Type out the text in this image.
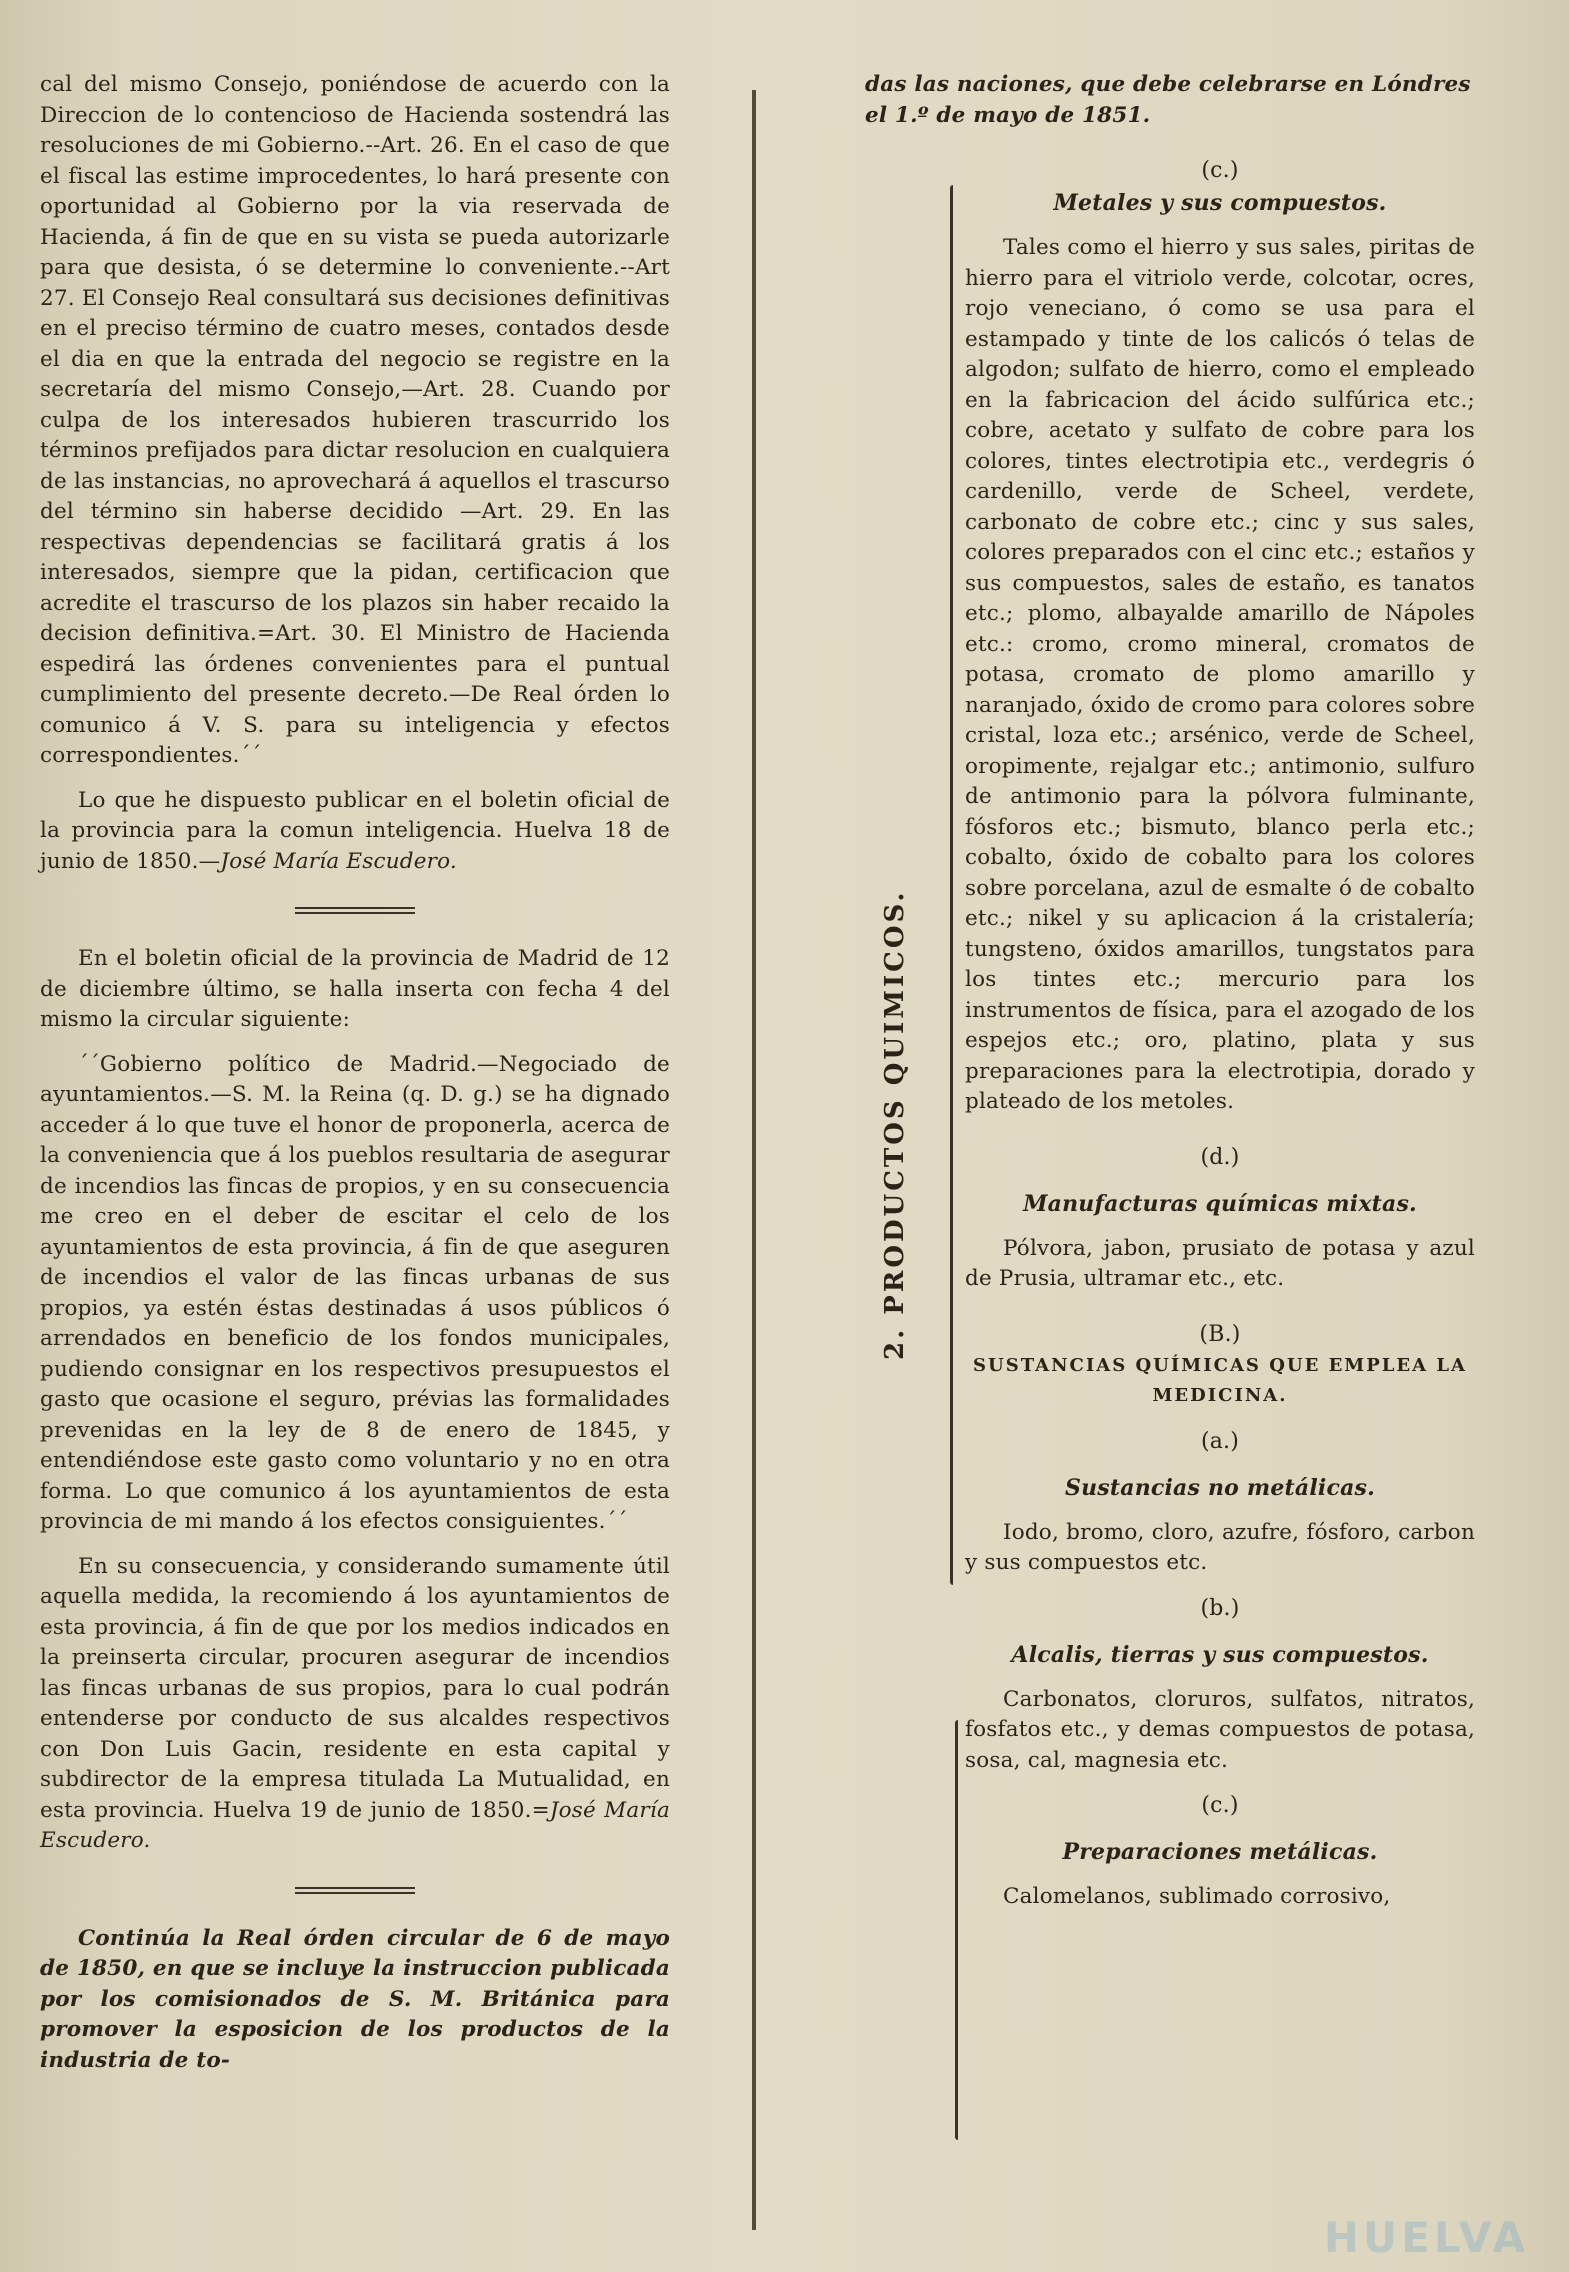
cal del mismo Consejo, poniéndose de acuerdo con la Direccion de lo contencioso de Hacienda sostendrá las resoluciones de mi Gobierno.--Art. 26. En el caso de que el fiscal las estime improcedentes, lo hará presente con oportunidad al Gobierno por la via reservada de Hacienda, á fin de que en su vista se pueda autorizarle para que desista, ó se determine lo conveniente.--Art 27. El Consejo Real consultará sus decisiones definitivas en el preciso término de cuatro meses, contados desde el dia en que la entrada del negocio se registre en la secretaría del mismo Consejo,—Art. 28. Cuando por culpa de los interesados hubieren trascurrido los términos prefijados para dictar resolucion en cualquiera de las instancias, no aprovechará á aquellos el trascurso del término sin haberse decidido —Art. 29. En las respectivas dependencias se facilitará gratis á los interesados, siempre que la pidan, certificacion que acredite el trascurso de los plazos sin haber recaido la decision definitiva.=Art. 30. El Ministro de Hacienda espedirá las órdenes convenientes para el puntual cumplimiento del presente decreto.—De Real órden lo comunico á V. S. para su inteligencia y efectos correspondientes.´´

Lo que he dispuesto publicar en el boletin oficial de la provincia para la comun inteligencia. Huelva 18 de junio de 1850.—José María Escudero.

En el boletin oficial de la provincia de Madrid de 12 de diciembre último, se halla inserta con fecha 4 del mismo la circular siguiente:

´´Gobierno político de Madrid.—Negociado de ayuntamientos.—S. M. la Reina (q. D. g.) se ha dignado acceder á lo que tuve el honor de proponerla, acerca de la conveniencia que á los pueblos resultaria de asegurar de incendios las fincas de propios, y en su consecuencia me creo en el deber de escitar el celo de los ayuntamientos de esta provincia, á fin de que aseguren de incendios el valor de las fincas urbanas de sus propios, ya estén éstas destinadas á usos públicos ó arrendados en beneficio de los fondos municipales, pudiendo consignar en los respectivos presupuestos el gasto que ocasione el seguro, prévias las formalidades prevenidas en la ley de 8 de enero de 1845, y entendiéndose este gasto como voluntario y no en otra forma. Lo que comunico á los ayuntamientos de esta provincia de mi mando á los efectos consiguientes.´´

En su consecuencia, y considerando sumamente útil aquella medida, la recomiendo á los ayuntamientos de esta provincia, á fin de que por los medios indicados en la preinserta circular, procuren asegurar de incendios las fincas urbanas de sus propios, para lo cual podrán entenderse por conducto de sus alcaldes respectivos con Don Luis Gacin, residente en esta capital y subdirector de la empresa titulada La Mutualidad, en esta provincia. Huelva 19 de junio de 1850.=José María Escudero.

Continúa la Real órden circular de 6 de mayo de 1850, en que se incluye la instruccion publicada por los comisionados de S. M. Británica para promover la esposicion de los productos de la industria de to-

2. PRODUCTOS QUIMICOS.

das las naciones, que debe celebrarse en Lóndres el 1.º de mayo de 1851.

(c.)

Metales y sus compuestos.

Tales como el hierro y sus sales, piritas de hierro para el vitriolo verde, colcotar, ocres, rojo veneciano, ó como se usa para el estampado y tinte de los calicós ó telas de algodon; sulfato de hierro, como el empleado en la fabricacion del ácido sulfúrica etc.; cobre, acetato y sulfato de cobre para los colores, tintes electrotipia etc., verdegris ó cardenillo, verde de Scheel, verdete, carbonato de cobre etc.; cinc y sus sales, colores preparados con el cinc etc.; estaños y sus compuestos, sales de estaño, es tanatos etc.; plomo, albayalde amarillo de Nápoles etc.: cromo, cromo mineral, cromatos de potasa, cromato de plomo amarillo y naranjado, óxido de cromo para colores sobre cristal, loza etc.; arsénico, verde de Scheel, oropimente, rejalgar etc.; antimonio, sulfuro de antimonio para la pólvora fulminante, fósforos etc.; bismuto, blanco perla etc.; cobalto, óxido de cobalto para los colores sobre porcelana, azul de esmalte ó de cobalto etc.; nikel y su aplicacion á la cristalería; tungsteno, óxidos amarillos, tungstatos para los tintes etc.; mercurio para los instrumentos de física, para el azogado de los espejos etc.; oro, platino, plata y sus preparaciones para la electrotipia, dorado y plateado de los metoles.

(d.)

Manufacturas químicas mixtas.

Pólvora, jabon, prusiato de potasa y azul de Prusia, ultramar etc., etc.

(B.)

SUSTANCIAS QUÍMICAS QUE EMPLEA LA MEDICINA.

(a.)

Sustancias no metálicas.

Iodo, bromo, cloro, azufre, fósforo, carbon y sus compuestos etc.

(b.)

Alcalis, tierras y sus compuestos.

Carbonatos, cloruros, sulfatos, nitratos, fosfatos etc., y demas compuestos de potasa, sosa, cal, magnesia etc.

(c.)

Preparaciones metálicas.

Calomelanos, sublimado corrosivo,

HUELVA
